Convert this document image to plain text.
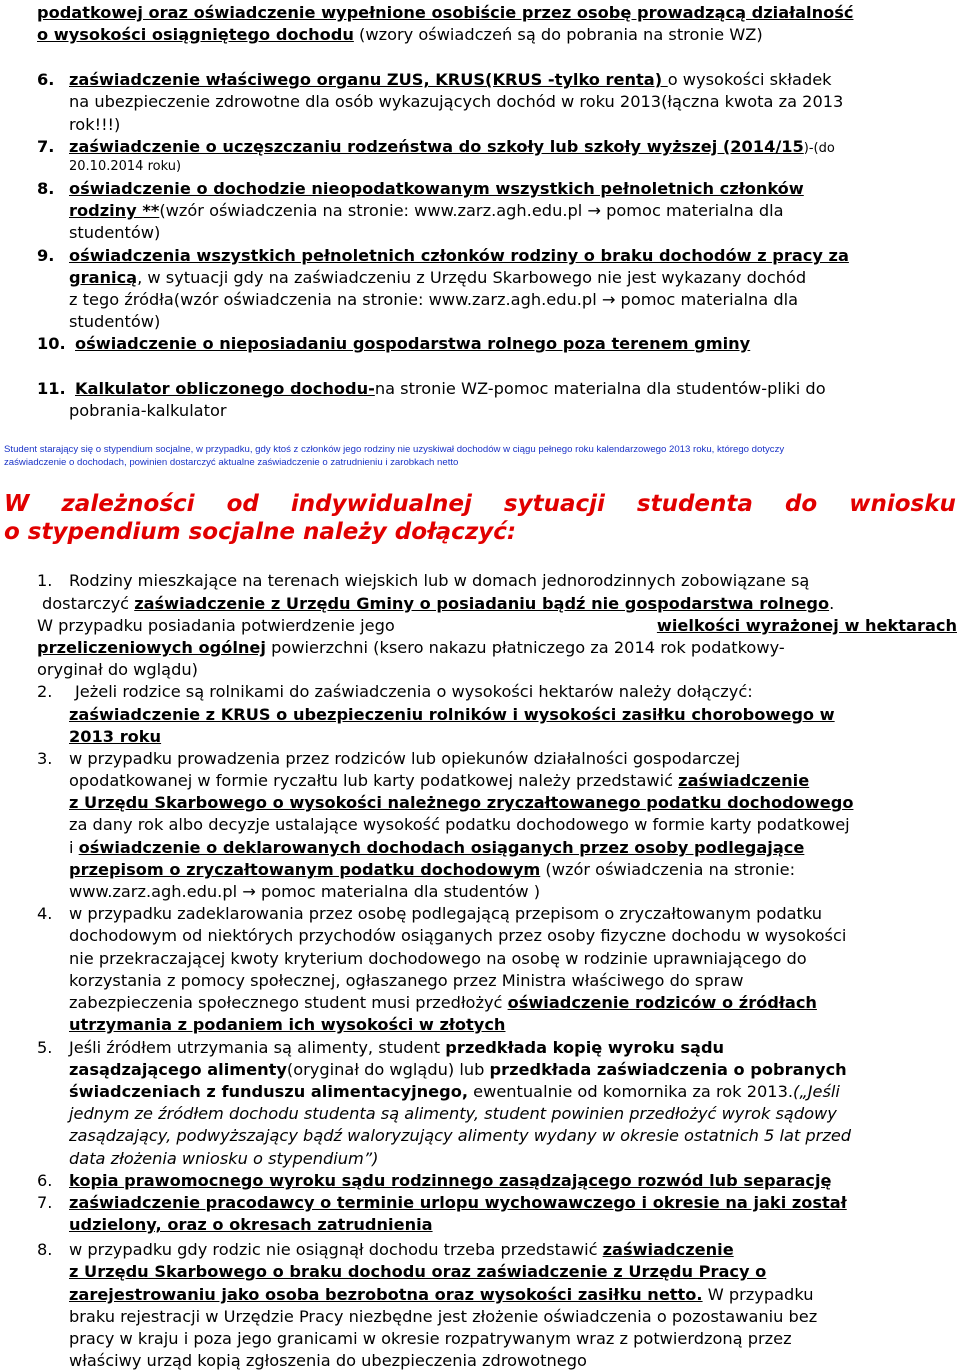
podatkowej oraz oświadczenie wypełnione osobiście przez osobę prowadzącą działalność
o wysokości osiągniętego dochodu (wzory oświadczeń są do pobrania na stronie WZ)
6. zaświadczenie właściwego organu ZUS, KRUS(KRUS -tylko renta) o wysokości składek
na ubezpieczenie zdrowotne dla osób wykazujących dochód w roku 2013(łączna kwota za 2013
rok!!!)
7. zaświadczenie o uczęszczaniu rodzeństwa do szkoły lub szkoły wyższej (2014/15)-(do
20.10.2014 roku)
8. oświadczenie o dochodzie nieopodatkowanym wszystkich pełnoletnich członków
rodziny **(wzór oświadczenia na stronie: www.zarz.agh.edu.pl → pomoc materialna dla
studentów)
9. oświadczenia wszystkich pełnoletnich członków rodziny o braku dochodów z pracy za
granicą, w sytuacji gdy na zaświadczeniu z Urzędu Skarbowego nie jest wykazany dochód
z tego źródła(wzór oświadczenia na stronie: www.zarz.agh.edu.pl → pomoc materialna dla
studentów)
10. oświadczenie o nieposiadaniu gospodarstwa rolnego poza terenem gminy
11. Kalkulator obliczonego dochodu-na stronie WZ-pomoc materialna dla studentów-pliki do
pobrania-kalkulator
Student starający się o stypendium socjalne, w przypadku, gdy ktoś z członków jego rodziny nie uzyskiwał dochodów w ciągu pełnego roku kalendarzowego 2013 roku, którego dotyczy
zaświadczenie o dochodach, powinien dostarczyć aktualne zaświadczenie o zatrudnieniu i zarobkach netto
W zależności od indywidualnej sytuacji studenta do wniosku
o stypendium socjalne należy dołączyć:
1. Rodziny mieszkające na terenach wiejskich lub w domach jednorodzinnych zobowiązane są
dostarczyć zaświadczenie z Urzędu Gminy o posiadaniu bądź nie gospodarstwa rolnego.
W przypadku posiadania potwierdzenie jego	wielkości wyrażonej w hektarach
przeliczeniowych ogólnej powierzchni (ksero nakazu płatniczego za 2014 rok podatkowy-
oryginał do wglądu)
2. Jeżeli rodzice są rolnikami do zaświadczenia o wysokości hektarów należy dołączyć:
zaświadczenie z KRUS o ubezpieczeniu rolników i wysokości zasiłku chorobowego w
2013 roku
3. w przypadku prowadzenia przez rodziców lub opiekunów działalności gospodarczej
opodatkowanej w formie ryczałtu lub karty podatkowej należy przedstawić zaświadczenie
z Urzędu Skarbowego o wysokości należnego zryczałtowanego podatku dochodowego
za dany rok albo decyzje ustalające wysokość podatku dochodowego w formie karty podatkowej
i oświadczenie o deklarowanych dochodach osiąganych przez osoby podlegające
przepisom o zryczałtowanym podatku dochodowym (wzór oświadczenia na stronie:
www.zarz.agh.edu.pl → pomoc materialna dla studentów )
4. w przypadku zadeklarowania przez osobę podlegającą przepisom o zryczałtowanym podatku
dochodowym od niektórych przychodów osiąganych przez osoby fizyczne dochodu w wysokości
nie przekraczającej kwoty kryterium dochodowego na osobę w rodzinie uprawniającego do
korzystania z pomocy społecznej, ogłaszanego przez Ministra właściwego do spraw
zabezpieczenia społecznego student musi przedłożyć oświadczenie rodziców o źródłach
utrzymania z podaniem ich wysokości w złotych
5. Jeśli źródłem utrzymania są alimenty, student przedkłada kopię wyroku sądu
zasądzającego alimenty(oryginał do wglądu) lub przedkłada zaświadczenia o pobranych
świadczeniach z funduszu alimentacyjnego, ewentualnie od komornika za rok 2013.(„Jeśli
jednym ze źródłem dochodu studenta są alimenty, student powinien przedłożyć wyrok sądowy
zasądzający, podwyższający bądź waloryzujący alimenty wydany w okresie ostatnich 5 lat przed
data złożenia wniosku o stypendium”)
6. kopia prawomocnego wyroku sądu rodzinnego zasądzającego rozwód lub separację
7. zaświadczenie pracodawcy o terminie urlopu wychowawczego i okresie na jaki został
udzielony, oraz o okresach zatrudnienia
8. w przypadku gdy rodzic nie osiągnął dochodu trzeba przedstawić zaświadczenie
z Urzędu Skarbowego o braku dochodu oraz zaświadczenie z Urzędu Pracy o
zarejestrowaniu jako osoba bezrobotna oraz wysokości zasiłku netto. W przypadku
braku rejestracji w Urzędzie Pracy niezbędne jest złożenie oświadczenia o pozostawaniu bez
pracy w kraju i poza jego granicami w okresie rozpatrywanym wraz z potwierdzoną przez
właściwy urząd kopią zgłoszenia do ubezpieczenia zdrowotnego
